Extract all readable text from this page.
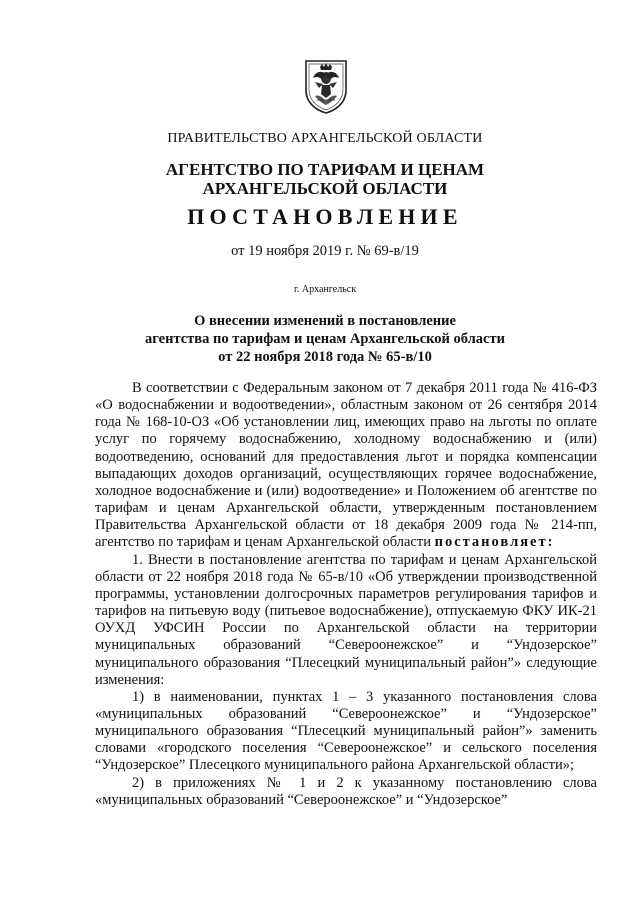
ПРАВИТЕЛЬСТВО АРХАНГЕЛЬСКОЙ ОБЛАСТИ
АГЕНТСТВО ПО ТАРИФАМ И ЦЕНАМ
АРХАНГЕЛЬСКОЙ ОБЛАСТИ
ПОСТАНОВЛЕНИЕ
от 19 ноября 2019 г. № 69-в/19
г. Архангельск
О внесении изменений в постановление
агентства по тарифам и ценам Архангельской области
от 22 ноября 2018 года № 65-в/10

В соответствии с Федеральным законом от 7 декабря 2011 года № 416-ФЗ «О водоснабжении и водоотведении», областным законом от 26 сентября 2014 года № 168-10-ОЗ «Об установлении лиц, имеющих право на льготы по оплате услуг по горячему водоснабжению, холодному водоснабжению и (или) водоотведению, оснований для предоставления льгот и порядка компенсации выпадающих доходов организаций, осуществляющих горячее водоснабжение, холодное водоснабжение и (или) водоотведение» и Положением об агентстве по тарифам и ценам Архангельской области, утвержденным постановлением Правительства Архангельской области от 18 декабря 2009 года № 214-пп, агентство по тарифам и ценам Архангельской области постановляет:

1. Внести в постановление агентства по тарифам и ценам Архангельской области от 22 ноября 2018 года № 65-в/10 «Об утверждении производственной программы, установлении долгосрочных параметров регулирования тарифов и тарифов на питьевую воду (питьевое водоснабжение), отпускаемую ФКУ ИК-21 ОУХД УФСИН России по Архангельской области на территории муниципальных образований “Североонежское” и “Ундозерское” муниципального образования “Плесецкий муниципальный район”» следующие изменения:

1) в наименовании, пунктах 1 – 3 указанного постановления слова «муниципальных образований “Североонежское” и “Ундозерское” муниципального образования “Плесецкий муниципальный район”» заменить словами «городского поселения “Североонежское” и сельского поселения “Ундозерское” Плесецкого муниципального района Архангельской области»;

2) в приложениях № 1 и 2 к указанному постановлению слова «муниципальных образований “Североонежское” и “Ундозерское”
